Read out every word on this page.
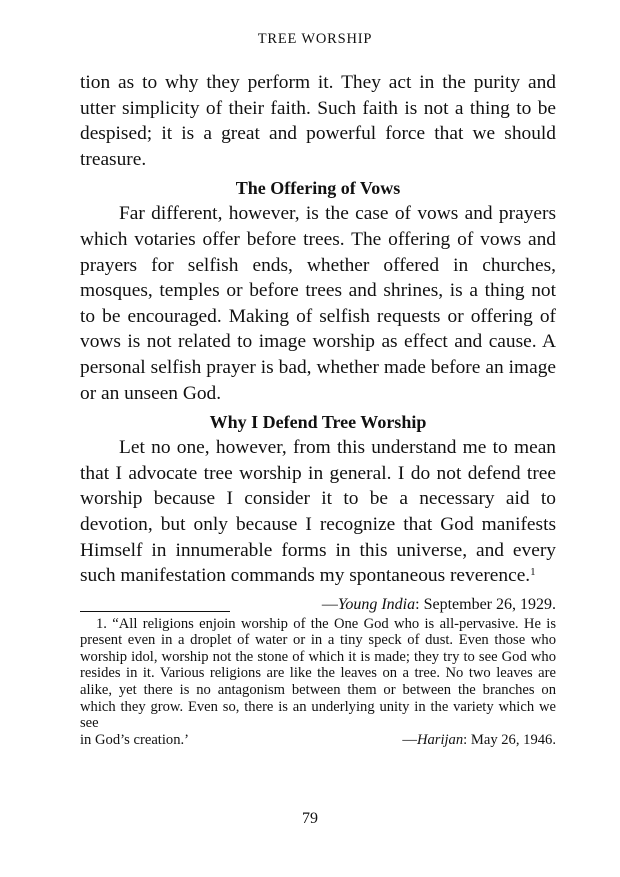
TREE WORSHIP

tion as to why they perform it. They act in the purity and utter simplicity of their faith. Such faith is not a thing to be despised; it is a great and powerful force that we should treasure.

The Offering of Vows

Far different, however, is the case of vows and prayers which votaries offer before trees. The offering of vows and prayers for selfish ends, whether offered in churches, mosques, temples or before trees and shrines, is a thing not to be encouraged. Making of selfish requests or offering of vows is not related to image worship as effect and cause. A personal selfish prayer is bad, whether made before an image or an unseen God.

Why I Defend Tree Worship

Let no one, however, from this understand me to mean that I advocate tree worship in general. I do not defend tree worship because I consider it to be a necessary aid to devotion, but only because I recognize that God manifests Himself in innumerable forms in this universe, and every such manifestation commands my spontaneous reverence.$^1$

—Young India: September 26, 1929.

1. “All religions enjoin worship of the One God who is all-pervasive. He is present even in a droplet of water or in a tiny speck of dust. Even those who worship idol, worship not the stone of which it is made; they try to see God who resides in it. Various religions are like the leaves on a tree. No two leaves are alike, yet there is no antagonism between them or between the branches on which they grow. Even so, there is an underlying unity in the variety which we see

in God’s creation.’	—Harijan: May 26, 1946.
79
